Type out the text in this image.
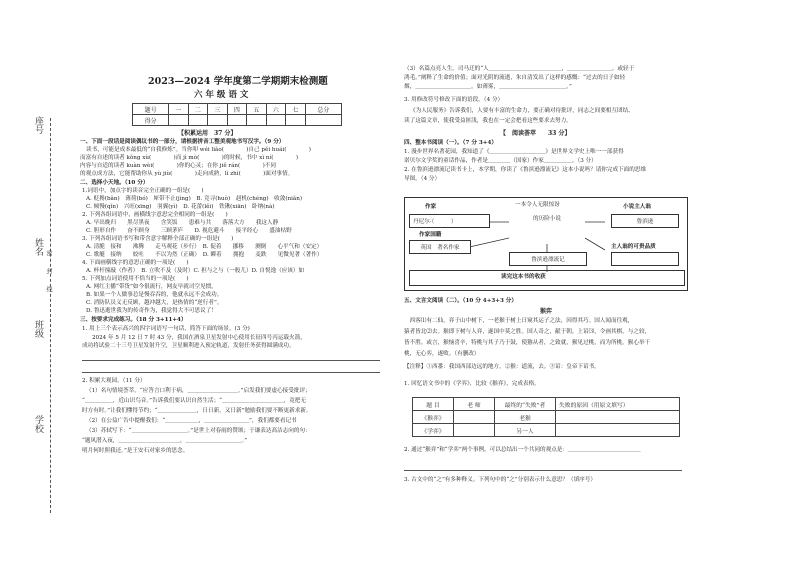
座号
姓名
班级
学校
密　　封　　线
2023—2024 学年度第二学期期末检测题
六 年 级 语 文
题号	一	二	三	四	五	六	七	总分
得分								
【积累运用　37 分】
一、下面一段话是阅读偶议书的一部分，请根据拼音工整美观地书写汉字。（9 分）
读书，可能是成本最低的“自我修炼”。当你叩 wéi liǎo(　　　　)自己 pěi huái(　　　　)
而富有自述的读者 kǒng xù(　　　　)而 jì mò(　　　　)的时候，书中 xì ní(　　　　)
内容与自适的读者 kuàn wèi(　　　　)你的心灵；在你 jiě rán(　　　　)不同
的观点成方法，它能帮助你从 yù jiù(　　　　)走向成熟，lì zhì(　　　　)面对事情。
二、选择小天地。（10 分）
1.词语中，加点字的读音完全正确的一组是(　　)
A. 贬搀(bǎn)　薄荷(bó)　犀带不止(jìng)　B. 竞寻(huò)　赳机(chéng)　收敛(niǎn)
C. 倾慢(qǐn)　兴旺(xīng)　羽翼(yì)　D. 花蕾(lěi)　铁锹(xiān)　卧纳(nà)
2. 下列各组词语中，画横线字意思完全相同的一组是(　　)
A. 早出晚归　　黑尽黑夜　　含笑饭　　患难与共　　落落大方　　我这人静
C. 胆形自作　　奋不顾身　　三顾茅庐　　D. 视危避斗　　接平经心　　盛油枯野
3. 下列各组词语书写和带含意字解释全部正确的一组是(　　)
A. 清脆　接和　　沸腾　　走马观花（步行）　B. 促着　　挪移　　测倒　　心平气和（安定）
C. 歌艇　接纳　　姣吐　　不以为然（正确）　D. 瞬着　　拥抱　　麦跌　　见微见著（著作）
4. 下面画横线字的意思正确的一项是(　　)
A. 杯杆撞敲（作者）　B. 立吹不及（及时）C. 担与之与（一般儿）D. 自悦逸（应该）如
5. 下列加点词语使用不恰当的一项是(　　)
A. 网红主播“带货”如今很流行，网友早就司空见惯。
B. 如果一个人做事总是慢吞吞的，他就永远不会成功。
C. 消防队员义无反顾，越冲越大，是热情的“逆行者”。
D. 鲁迅逝世我为的传奇作为，我觉得大不可思议了！
三、按要求完成练习。（18 分 3+11+4）
1. 用上三个表示高兴的四字词语写一句话，简答下面的场景。(3 分)
2024 年 5 月 12 日 7 时 43 分，我国在酒泉卫星发射中心使用长征四号丙运载火箭，
成功将试验二十三号卫星发射升空，卫星顺利进入预定轨道，发射任务获得圆满成功。
2. 积累大观园。（11 分）
（1）名句情境荟萃。“应答言口利于病，＿＿＿＿＿＿＿＿＿。”启发我们要虚心接受批评；
“＿＿＿＿＿，近山识鸟音。”告诉我们要认识自然生活；“＿＿＿＿＿＿＿＿＿＿＿，竟把无
时方有时。”让我们懂得节约；“＿＿＿＿＿＿＿，日日新，又日新”勉励我们要不断更新求新。
（2）在公益广告中提醒我们：“＿＿＿＿＿＿，＿＿＿＿＿＿＿＿”，我们都要看记书
（3）苏轼写下：“＿＿＿＿＿＿＿＿＿＿。”是世上对春雨的赞颂；于谦表达高洁志向的句：
“题风潜入夜，＿＿＿＿＿＿＿＿＿＿＿，＿＿＿＿＿＿＿＿＿＿。”
明月何时照我还。”是王安石对家乡的思念。
（3）名篇点亮人生。司马迁的“人＿＿＿＿＿＿＿＿＿＿＿＿＿，＿＿＿＿＿＿＿＿。或轻于
鸿毛。”阐释了生命的价值；面对光阴的流逝，朱自清发出了这样的感慨：“过去的日子如轻
烟，＿＿＿＿＿＿＿＿＿＿，如薄雾，＿＿＿＿＿＿＿＿＿＿＿＿。”
3. 用修改符号修改下面的语段。（4 分）
《为人民服务》告诉我们，人要有丰富的生命力，要正确对待批评，同志之间要相互团结、
读了这篇文章，使我受益匪浅，我也在一定会把看这些要求去努力。
【　阅读荟萃　　33 分】
四、整本书阅读（一）。（7 分 3+4）
1. 漫步世界名著花园，我知道了《＿＿＿＿＿＿＿＿＿＿》是世界文学史上唯一一部获得
诺贝尔文学奖的童话作品，作者是＿＿＿＿（国家）作家＿＿＿＿＿。（3 分）
2. 在鲁滨逊漂流记读书卡上，本学期，你读了《鲁滨逊漂流记》这本小说吗？请你完成下面的思维
导图。（4 分）
作家
丹尼尔·（　　　）
一本令人无限惊讶
的历险小说
小说主人翁
鲁滨逊
作家国籍
英国　著名作家
鲁滨逊漂流记
主人翁的可贵品质
读完这本书的收获
五、文言文阅读（二）。（10 分 4+3+3 分）
猴弈
　西客⑴有二仙，弈于山中树下，一老猴于树上日窥其运子之法，因得其巧。国人闻而往观，
猿者皆北⑵去。猴即下树与人弈，遂国中莫之胜。国人奇之，献于朝。上诏⑶，令画其棋，与之较，
皆不胜。或言，猴恼喜辛，特桃与其子乃于鼓，使猕从者，之致就，猴见过桃，而为所桃，猴心举干
桃，无心弈，遂败。（有删改）
【注释】①西番：我国西部边远的地方。②猴：道流，去。③诏：皇帝下诏书。
1. 回忆语文书中的《学弈》，比较《猴弈》，完成表格。
题 目	老 师	最终的“失败”者	失败的原因（用原文填写）
《猴弈》		老猴	
《学弈》		另一人	
2. 通过“猴弈”和“学弈”两个事例，可以总结出一个共同的观点是：＿＿＿＿＿＿＿＿＿＿＿＿＿
3. 古文中的“之”有多种释义。下列句中的“之”分别表示什么意思？（填序号）
